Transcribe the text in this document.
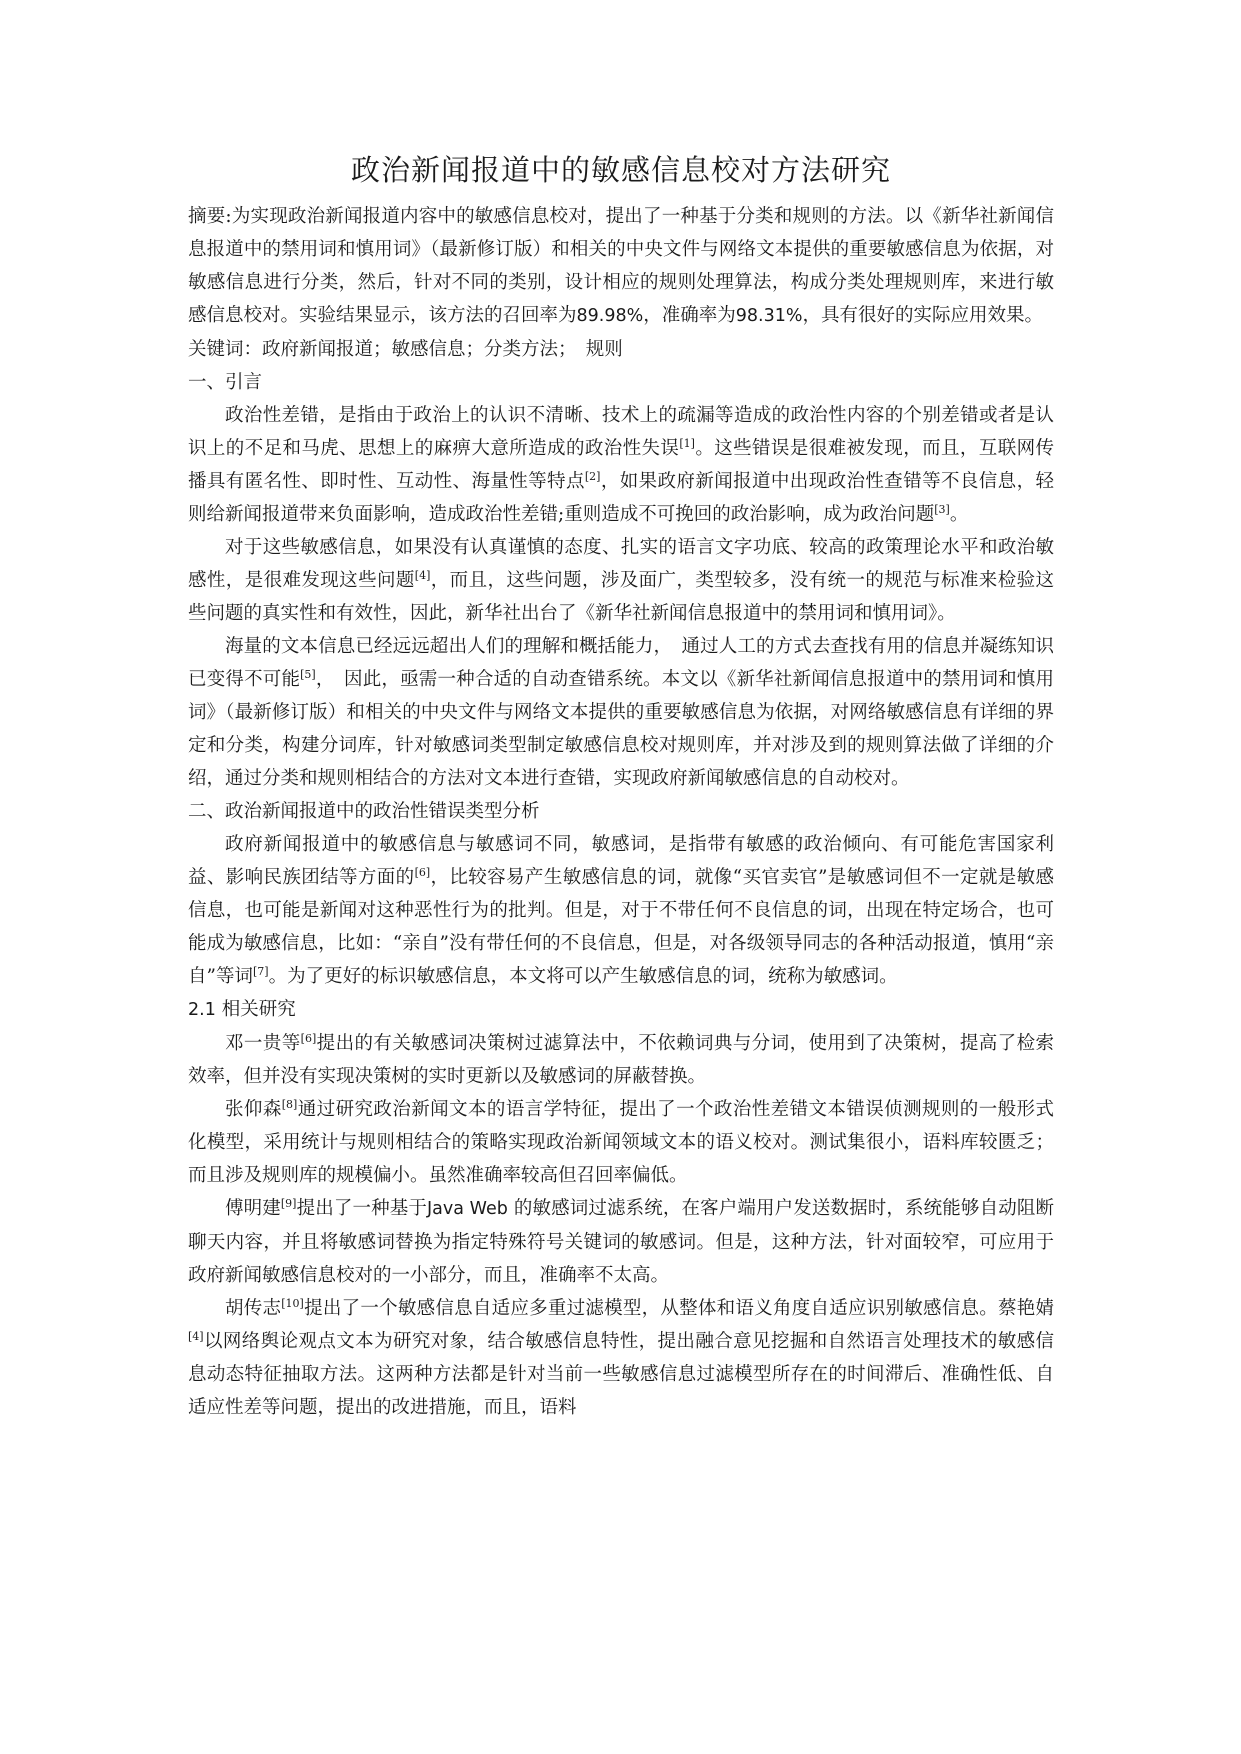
政治新闻报道中的敏感信息校对方法研究

摘要:为实现政治新闻报道内容中的敏感信息校对，提出了一种基于分类和规则的方法。以《新华社新闻信息报道中的禁用词和慎用词》（最新修订版）和相关的中央文件与网络文本提供的重要敏感信息为依据，对敏感信息进行分类，然后，针对不同的类别，设计相应的规则处理算法，构成分类处理规则库，来进行敏感信息校对。实验结果显示，该方法的召回率为89.98%，准确率为98.31%，具有很好的实际应用效果。

关键词：政府新闻报道；敏感信息；分类方法；　规则

一、引言

政治性差错，是指由于政治上的认识不清晰、技术上的疏漏等造成的政治性内容的个别差错或者是认识上的不足和马虎、思想上的麻痹大意所造成的政治性失误[1]。这些错误是很难被发现，而且，互联网传播具有匿名性、即时性、互动性、海量性等特点[2]，如果政府新闻报道中出现政治性查错等不良信息，轻则给新闻报道带来负面影响，造成政治性差错;重则造成不可挽回的政治影响，成为政治问题[3]。

对于这些敏感信息，如果没有认真谨慎的态度、扎实的语言文字功底、较高的政策理论水平和政治敏感性，是很难发现这些问题[4]，而且，这些问题，涉及面广，类型较多，没有统一的规范与标准来检验这些问题的真实性和有效性，因此，新华社出台了《新华社新闻信息报道中的禁用词和慎用词》。

海量的文本信息已经远远超出人们的理解和概括能力，　通过人工的方式去查找有用的信息并凝练知识已变得不可能[5]，　因此，亟需一种合适的自动查错系统。本文以《新华社新闻信息报道中的禁用词和慎用词》（最新修订版）和相关的中央文件与网络文本提供的重要敏感信息为依据，对网络敏感信息有详细的界定和分类，构建分词库，针对敏感词类型制定敏感信息校对规则库，并对涉及到的规则算法做了详细的介绍，通过分类和规则相结合的方法对文本进行查错，实现政府新闻敏感信息的自动校对。

二、政治新闻报道中的政治性错误类型分析

政府新闻报道中的敏感信息与敏感词不同，敏感词，是指带有敏感的政治倾向、有可能危害国家利益、影响民族团结等方面的[6]，比较容易产生敏感信息的词，就像“买官卖官”是敏感词但不一定就是敏感信息，也可能是新闻对这种恶性行为的批判。但是，对于不带任何不良信息的词，出现在特定场合，也可能成为敏感信息，比如：“亲自”没有带任何的不良信息，但是，对各级领导同志的各种活动报道，慎用“亲自”等词[7]。为了更好的标识敏感信息，本文将可以产生敏感信息的词，统称为敏感词。

2.1 相关研究

邓一贵等[6]提出的有关敏感词决策树过滤算法中，不依赖词典与分词，使用到了决策树，提高了检索效率，但并没有实现决策树的实时更新以及敏感词的屏蔽替换。

张仰森[8]通过研究政治新闻文本的语言学特征，提出了一个政治性差错文本错误侦测规则的一般形式化模型，采用统计与规则相结合的策略实现政治新闻领域文本的语义校对。测试集很小，语料库较匮乏；而且涉及规则库的规模偏小。虽然准确率较高但召回率偏低。

傅明建[9]提出了一种基于Java Web 的敏感词过滤系统，在客户端用户发送数据时，系统能够自动阻断聊天内容，并且将敏感词替换为指定特殊符号关键词的敏感词。但是，这种方法，针对面较窄，可应用于政府新闻敏感信息校对的一小部分，而且，准确率不太高。

胡传志[10]提出了一个敏感信息自适应多重过滤模型，从整体和语义角度自适应识别敏感信息。蔡艳婧[4]以网络舆论观点文本为研究对象，结合敏感信息特性，提出融合意见挖掘和自然语言处理技术的敏感信息动态特征抽取方法。这两种方法都是针对当前一些敏感信息过滤模型所存在的时间滞后、准确性低、自适应性差等问题，提出的改进措施，而且，语料
